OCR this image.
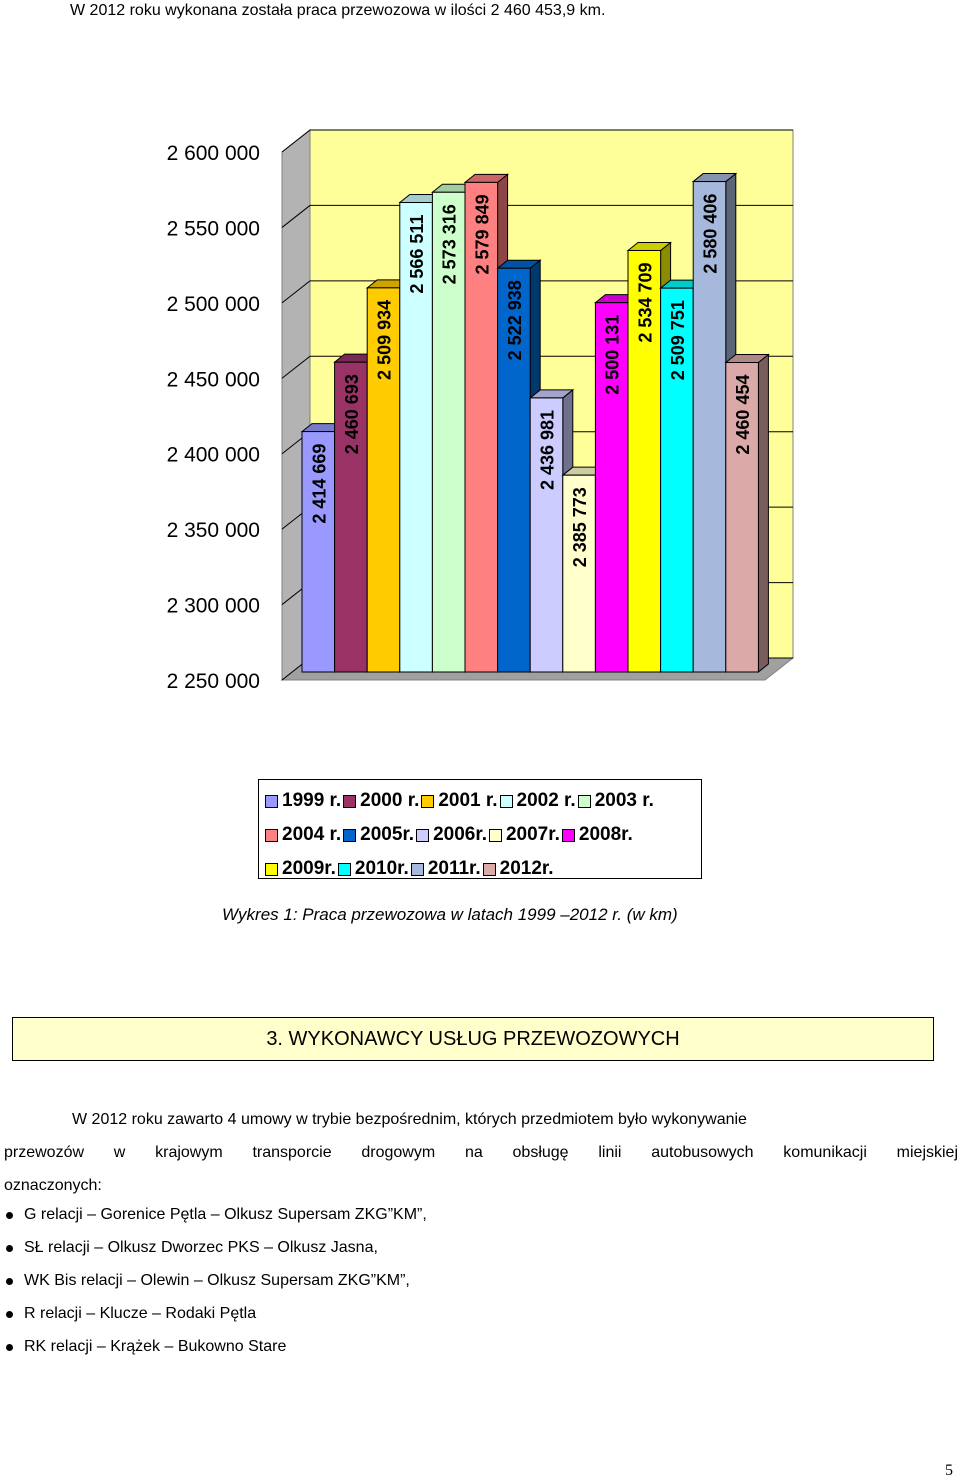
W 2012 roku wykonana została praca przewozowa w ilości 2 460 453,9 km.
2 250 000
2 300 000
2 350 000
2 400 000
2 450 000
2 500 000
2 550 000
2 600 000
2 414 669
2 460 693
2 509 934
2 566 511 2 573 316 2 579 849
2 522 938
2 436 981
2 385 773
2 500 131
2 534 709 2 509 751
2 580 406
2 460 454
1999 r. 2000 r. 2001 r. 2002 r. 2003 r.
2004 r. 2005r. 2006r. 2007r. 2008r.
2009r. 2010r. 2011r. 2012r.
Wykres 1: Praca przewozowa w latach 1999 –2012 r. (w km)
3. WYKONAWCY USŁUG PRZEWOZOWYCH
W 2012 roku zawarto 4 umowy w trybie bezpośrednim, których przedmiotem było wykonywanie
przewozów w krajowym transporcie drogowym na obsługę linii autobusowych komunikacji miejskiej
oznaczonych:
G relacji – Gorenice Pętla – Olkusz Supersam ZKG”KM”,
SŁ relacji – Olkusz Dworzec PKS – Olkusz Jasna,
WK Bis relacji – Olewin – Olkusz Supersam ZKG”KM”,
R relacji – Klucze – Rodaki Pętla
RK relacji – Krążek – Bukowno Stare
5
